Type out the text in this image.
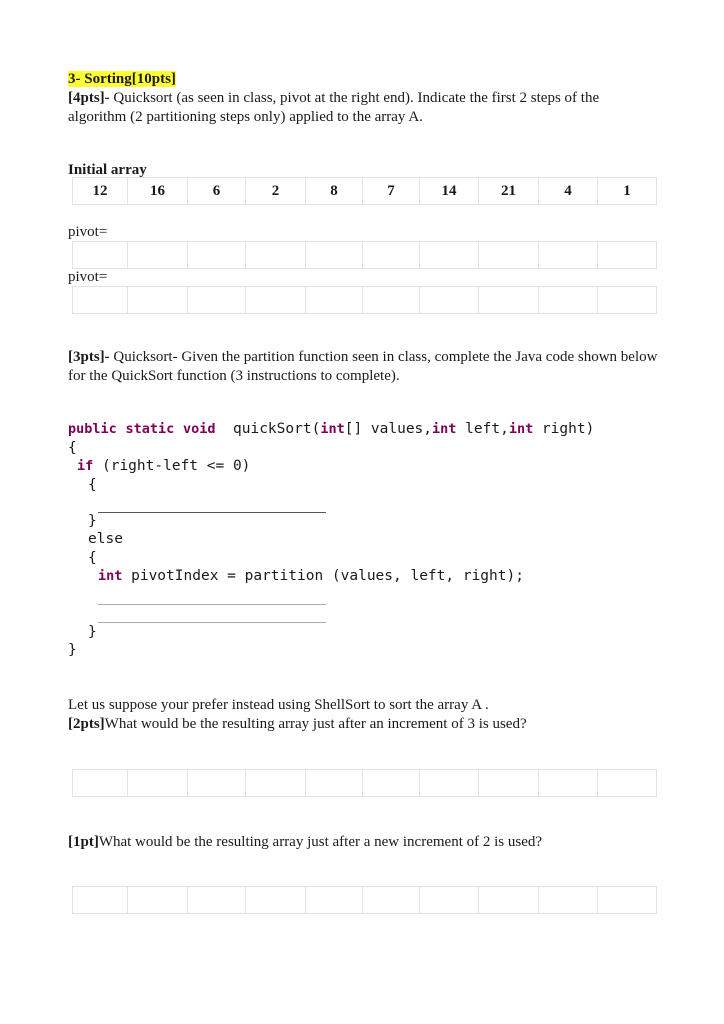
3- Sorting[10pts]
[4pts]- Quicksort (as seen in class, pivot at the right end). Indicate the first 2 steps of the algorithm (2 partitioning steps only) applied to the array A.
Initial array
12	16	6	2	8	7	14	21	4	1
pivot=

pivot=

[3pts]- Quicksort- Given the partition function seen in class, complete the Java code shown below for the QuickSort function (3 instructions to complete).
public static void quickSort(int[] values,int left,int right)
{
if (right-left <= 0)
{
}
else
{
int pivotIndex = partition (values, left, right);
}
}
Let us suppose your prefer instead using ShellSort to sort the array A .
[2pts]What would be the resulting array just after an increment of 3 is used?

[1pt]What would be the resulting array just after a new increment of 2 is used?
